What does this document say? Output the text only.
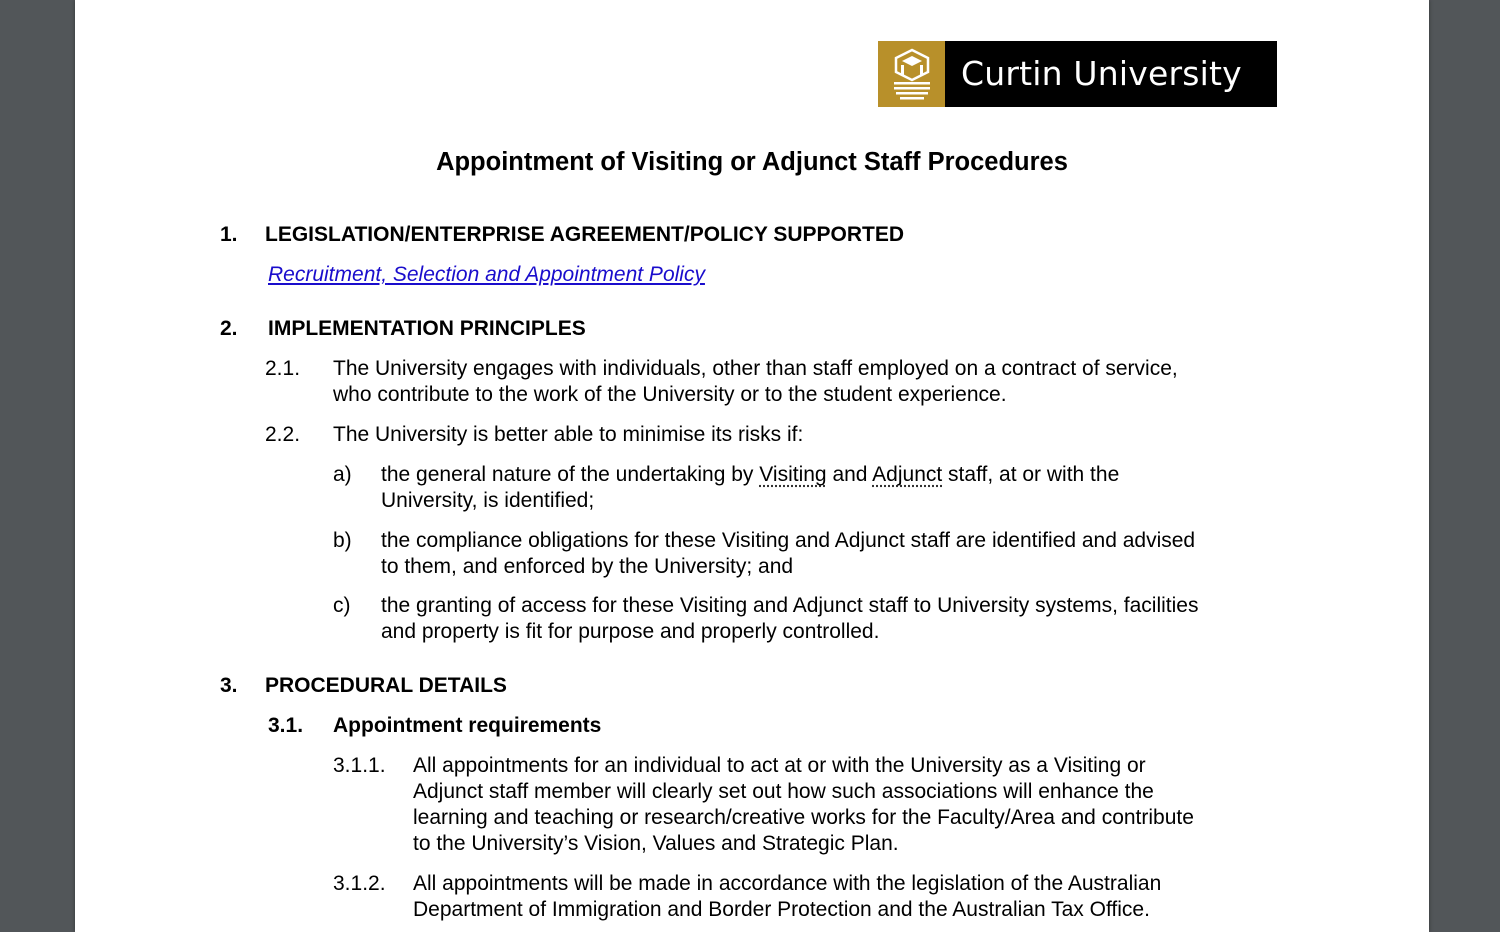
Curtin University
Appointment of Visiting or Adjunct Staff Procedures
1. LEGISLATION/ENTERPRISE AGREEMENT/POLICY SUPPORTED
Recruitment, Selection and Appointment Policy
2. IMPLEMENTATION PRINCIPLES
2.1. The University engages with individuals, other than staff employed on a contract of service,
who contribute to the work of the University or to the student experience.
2.2. The University is better able to minimise its risks if:
a) the general nature of the undertaking by Visiting and Adjunct staff, at or with the
University, is identified;
b) the compliance obligations for these Visiting and Adjunct staff are identified and advised
to them, and enforced by the University; and
c) the granting of access for these Visiting and Adjunct staff to University systems, facilities
and property is fit for purpose and properly controlled.
3. PROCEDURAL DETAILS
3.1. Appointment requirements
3.1.1. All appointments for an individual to act at or with the University as a Visiting or
Adjunct staff member will clearly set out how such associations will enhance the
learning and teaching or research/creative works for the Faculty/Area and contribute
to the University’s Vision, Values and Strategic Plan.
3.1.2. All appointments will be made in accordance with the legislation of the Australian
Department of Immigration and Border Protection and the Australian Tax Office.
